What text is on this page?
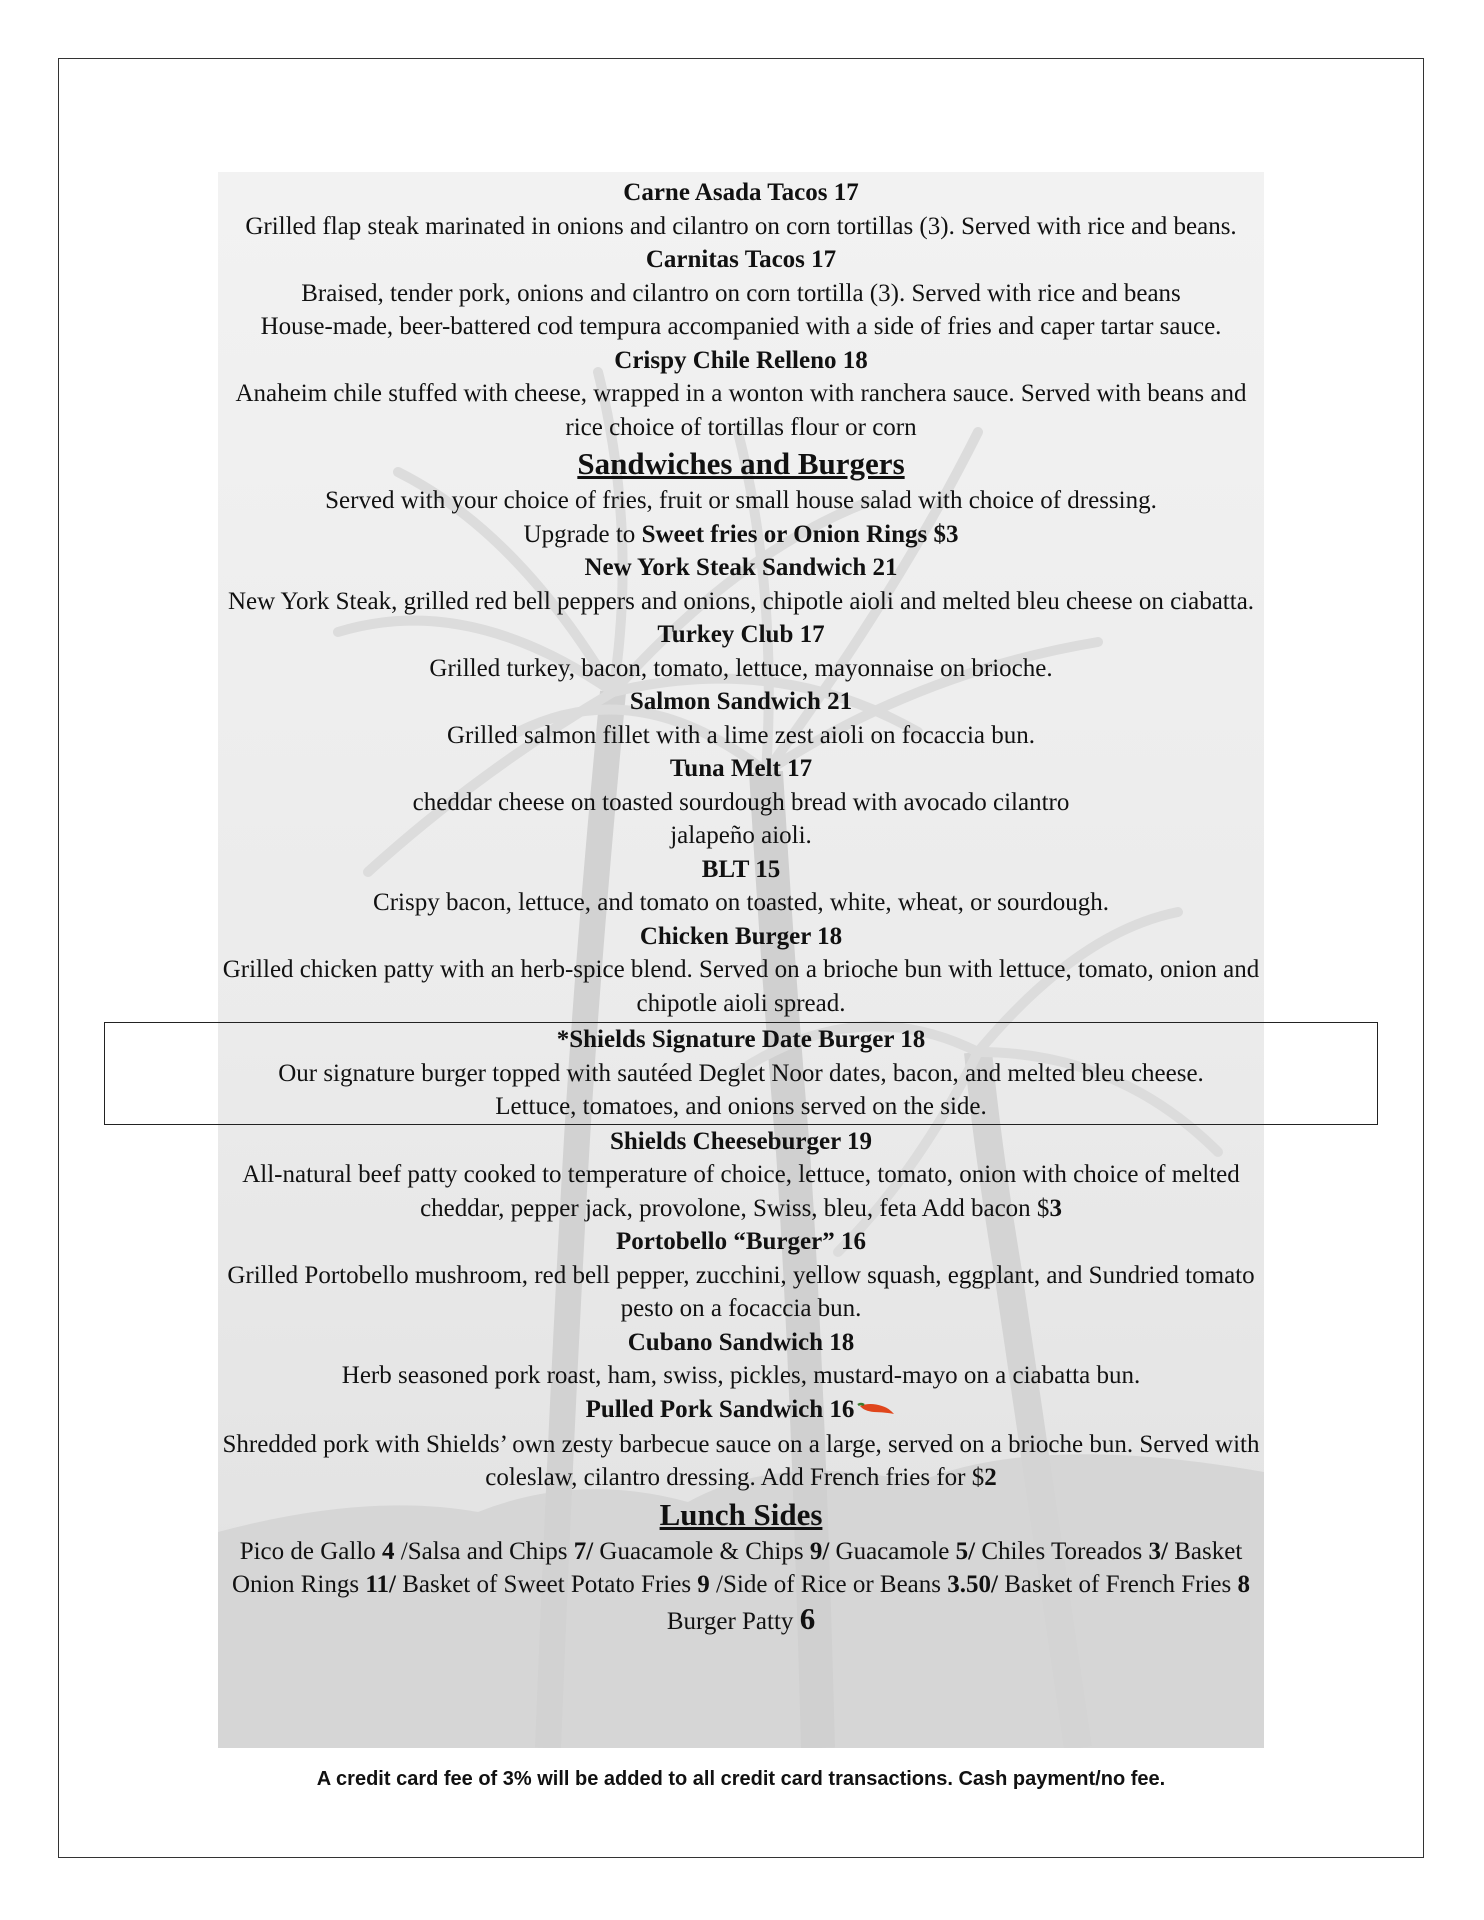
Carne Asada Tacos 17
Grilled flap steak marinated in onions and cilantro on corn tortillas (3). Served with rice and beans.
Carnitas Tacos 17
Braised, tender pork, onions and cilantro on corn tortilla (3). Served with rice and beans
House-made, beer-battered cod tempura accompanied with a side of fries and caper tartar sauce.
Crispy Chile Relleno 18
Anaheim chile stuffed with cheese, wrapped in a wonton with ranchera sauce. Served with beans and
rice choice of tortillas flour or corn
Sandwiches and Burgers
Served with your choice of fries, fruit or small house salad with choice of dressing.
Upgrade to Sweet fries or Onion Rings $3
New York Steak Sandwich 21
New York Steak, grilled red bell peppers and onions, chipotle aioli and melted bleu cheese on ciabatta.
Turkey Club 17
Grilled turkey, bacon, tomato, lettuce, mayonnaise on brioche.
Salmon Sandwich 21
Grilled salmon fillet with a lime zest aioli on focaccia bun.
Tuna Melt 17
cheddar cheese on toasted sourdough bread with avocado cilantro
jalapeño aioli.
BLT 15
Crispy bacon, lettuce, and tomato on toasted, white, wheat, or sourdough.
Chicken Burger 18
Grilled chicken patty with an herb-spice blend. Served on a brioche bun with lettuce, tomato, onion and
chipotle aioli spread.
*Shields Signature Date Burger 18
Our signature burger topped with sautéed Deglet Noor dates, bacon, and melted bleu cheese.
Lettuce, tomatoes, and onions served on the side.
Shields Cheeseburger 19
All-natural beef patty cooked to temperature of choice, lettuce, tomato, onion with choice of melted
cheddar, pepper jack, provolone, Swiss, bleu, feta Add bacon $3
Portobello “Burger” 16
Grilled Portobello mushroom, red bell pepper, zucchini, yellow squash, eggplant, and Sundried tomato
pesto on a focaccia bun.
Cubano Sandwich 18
Herb seasoned pork roast, ham, swiss, pickles, mustard-mayo on a ciabatta bun.
Pulled Pork Sandwich 16
Shredded pork with Shields’ own zesty barbecue sauce on a large, served on a brioche bun. Served with
coleslaw, cilantro dressing. Add French fries for $2
Lunch Sides
Pico de Gallo 4 /Salsa and Chips 7/ Guacamole & Chips 9/ Guacamole 5/ Chiles Toreados 3/ Basket
Onion Rings 11/ Basket of Sweet Potato Fries 9 /Side of Rice or Beans 3.50/ Basket of French Fries 8
Burger Patty 6
A credit card fee of 3% will be added to all credit card transactions. Cash payment/no fee.
